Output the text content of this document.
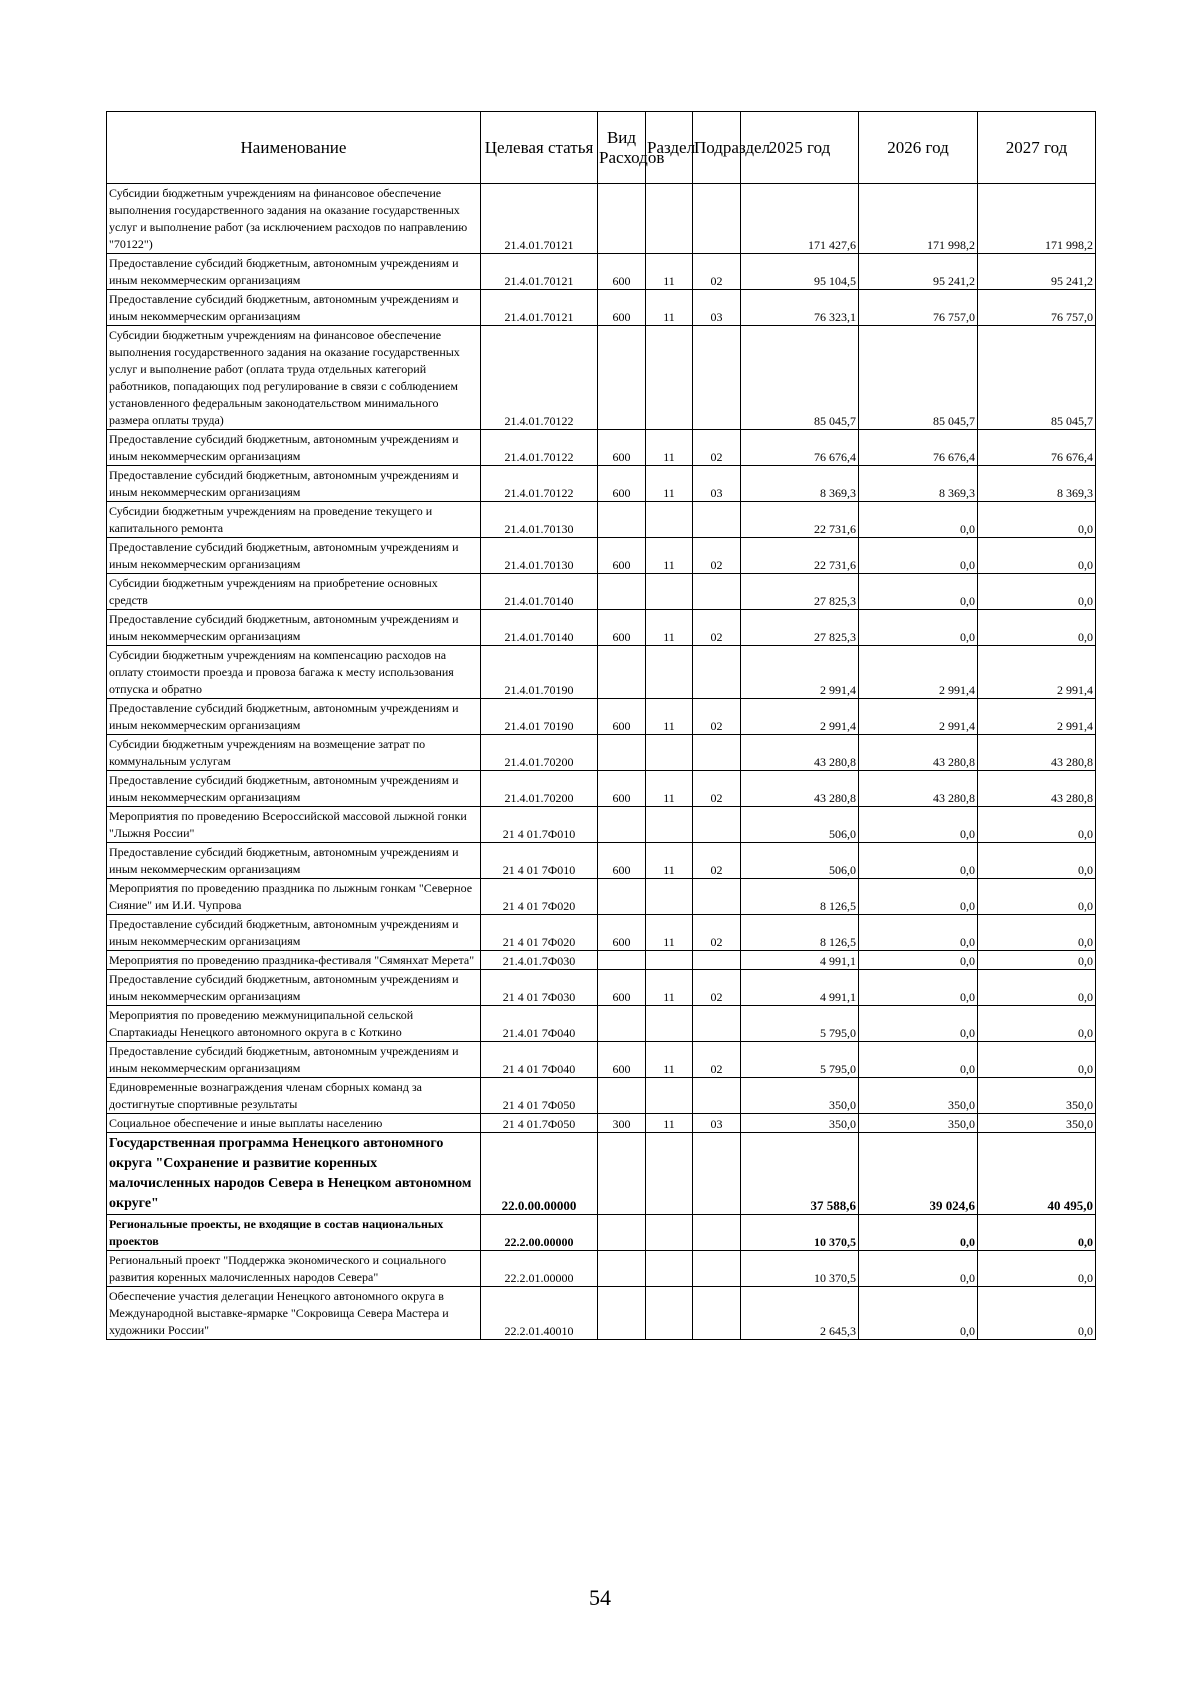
Наименование	Целевая статья	Вид Расходов	Раздел	Подраздел	2025 год	2026 год	2027 год
Субсидии бюджетным учреждениям на финансовое обеспечение выполнения государственного задания на оказание государственных услуг и выполнение работ (за исключением расходов по направлению "70122")	21.4.01.70121				171 427,6	171 998,2	171 998,2
Предоставление субсидий бюджетным, автономным учреждениям и иным некоммерческим организациям	21.4.01.70121	600	11	02	95 104,5	95 241,2	95 241,2
Предоставление субсидий бюджетным, автономным учреждениям и иным некоммерческим организациям	21.4.01.70121	600	11	03	76 323,1	76 757,0	76 757,0
Субсидии бюджетным учреждениям на финансовое обеспечение выполнения государственного задания на оказание государственных услуг и выполнение работ (оплата труда отдельных категорий работников, попадающих под регулирование в связи с соблюдением установленного федеральным законодательством минимального размера оплаты труда)	21.4.01.70122				85 045,7	85 045,7	85 045,7
Предоставление субсидий бюджетным, автономным учреждениям и иным некоммерческим организациям	21.4.01.70122	600	11	02	76 676,4	76 676,4	76 676,4
Предоставление субсидий бюджетным, автономным учреждениям и иным некоммерческим организациям	21.4.01.70122	600	11	03	8 369,3	8 369,3	8 369,3
Субсидии бюджетным учреждениям на проведение текущего и капитального ремонта	21.4.01.70130				22 731,6	0,0	0,0
Предоставление субсидий бюджетным, автономным учреждениям и иным некоммерческим организациям	21.4.01.70130	600	11	02	22 731,6	0,0	0,0
Субсидии бюджетным учреждениям на приобретение основных средств	21.4.01.70140				27 825,3	0,0	0,0
Предоставление субсидий бюджетным, автономным учреждениям и иным некоммерческим организациям	21.4.01.70140	600	11	02	27 825,3	0,0	0,0
Субсидии бюджетным учреждениям на компенсацию расходов на оплату стоимости проезда и провоза багажа к месту использования отпуска и обратно	21.4.01.70190				2 991,4	2 991,4	2 991,4
Предоставление субсидий бюджетным, автономным учреждениям и иным некоммерческим организациям	21.4.01 70190	600	11	02	2 991,4	2 991,4	2 991,4
Субсидии бюджетным учреждениям на возмещение затрат по коммунальным услугам	21.4.01.70200				43 280,8	43 280,8	43 280,8
Предоставление субсидий бюджетным, автономным учреждениям и иным некоммерческим организациям	21.4.01.70200	600	11	02	43 280,8	43 280,8	43 280,8
Мероприятия по проведению Всероссийской массовой лыжной гонки "Лыжня России"	21 4 01.7Ф010				506,0	0,0	0,0
Предоставление субсидий бюджетным, автономным учреждениям и иным некоммерческим организациям	21 4 01 7Ф010	600	11	02	506,0	0,0	0,0
Мероприятия по проведению праздника по лыжным гонкам "Северное Сияние" им И.И. Чупрова	21 4 01 7Ф020				8 126,5	0,0	0,0
Предоставление субсидий бюджетным, автономным учреждениям и иным некоммерческим организациям	21 4 01 7Ф020	600	11	02	8 126,5	0,0	0,0
Мероприятия по проведению праздника-фестиваля "Сямянхат Мерета"	21.4.01.7Ф030				4 991,1	0,0	0,0
Предоставление субсидий бюджетным, автономным учреждениям и иным некоммерческим организациям	21 4 01 7Ф030	600	11	02	4 991,1	0,0	0,0
Мероприятия по проведению межмуниципальной сельской Спартакиады Ненецкого автономного округа в с Коткино	21.4.01 7Ф040				5 795,0	0,0	0,0
Предоставление субсидий бюджетным, автономным учреждениям и иным некоммерческим организациям	21 4 01 7Ф040	600	11	02	5 795,0	0,0	0,0
Единовременные вознаграждения членам сборных команд за достигнутые спортивные результаты	21 4 01 7Ф050				350,0	350,0	350,0
Социальное обеспечение и иные выплаты населению	21 4 01.7Ф050	300	11	03	350,0	350,0	350,0
Государственная программа Ненецкого автономного округа "Сохранение и развитие коренных малочисленных народов Севера в Ненецком автономном округе"	22.0.00.00000				37 588,6	39 024,6	40 495,0
Региональные проекты, не входящие в состав национальных проектов	22.2.00.00000				10 370,5	0,0	0,0
Региональный проект "Поддержка экономического и социального развития коренных малочисленных народов Севера"	22.2.01.00000				10 370,5	0,0	0,0
Обеспечение участия делегации Ненецкого автономного округа в Международной выставке-ярмарке "Сокровища Севера Мастера и художники России"	22.2.01.40010				2 645,3	0,0	0,0
54
